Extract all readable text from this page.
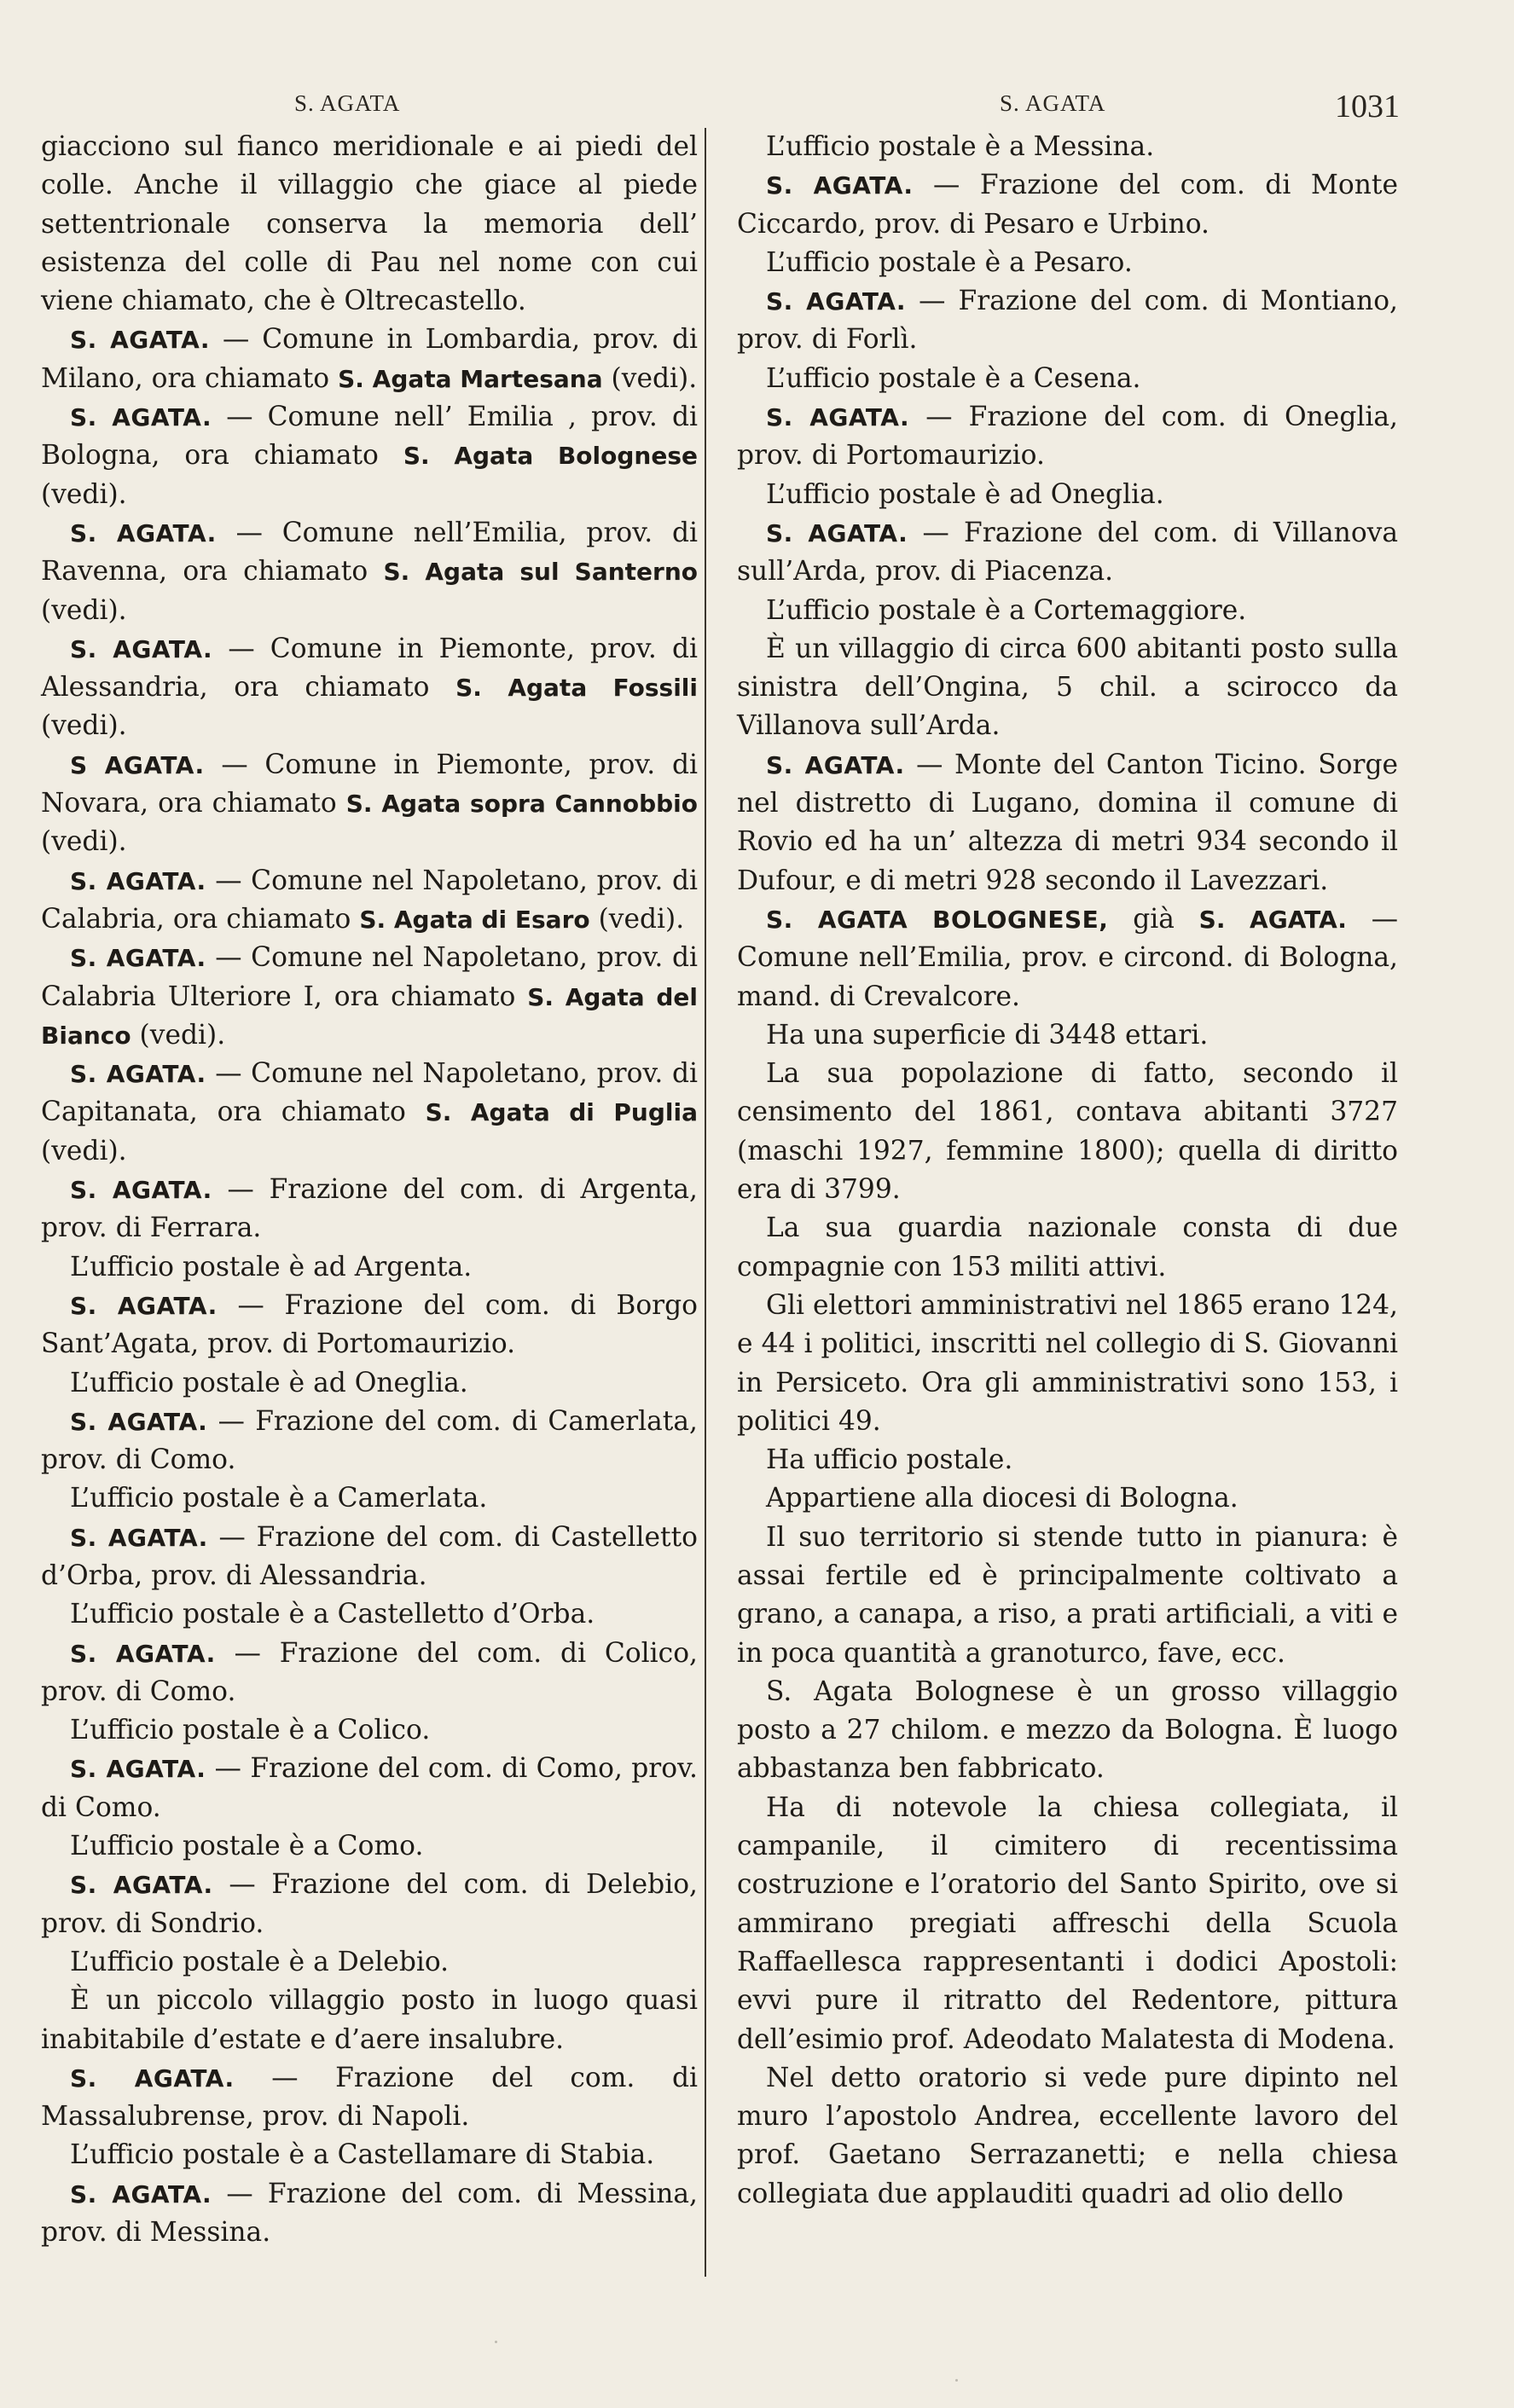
S. AGATA	S. AGATA	1031

giacciono sul fianco meridionale e ai piedi del colle. Anche il villaggio che giace al piede settentrionale conserva la memoria dell’ esistenza del colle di Pau nel nome con cui viene chiamato, che è Oltrecastello.

S. AGATA. — Comune in Lombardia, prov. di Milano, ora chiamato S. Agata Martesana (vedi).

S. AGATA. — Comune nell’ Emilia , prov. di Bologna, ora chiamato S. Agata Bolognese (vedi).

S. AGATA. — Comune nell’Emilia, prov. di Ravenna, ora chiamato S. Agata sul Santerno (vedi).

S. AGATA. — Comune in Piemonte, prov. di Alessandria, ora chiamato S. Agata Fossili (vedi).

S AGATA. — Comune in Piemonte, prov. di Novara, ora chiamato S. Agata sopra Cannobbio (vedi).

S. AGATA. — Comune nel Napoletano, prov. di Calabria, ora chiamato S. Agata di Esaro (vedi).

S. AGATA. — Comune nel Napoletano, prov. di Calabria Ulteriore I, ora chiamato S. Agata del Bianco (vedi).

S. AGATA. — Comune nel Napoletano, prov. di Capitanata, ora chiamato S. Agata di Puglia (vedi).

S. AGATA. — Frazione del com. di Argenta, prov. di Ferrara.

L’ufficio postale è ad Argenta.

S. AGATA. — Frazione del com. di Borgo Sant’Agata, prov. di Portomaurizio.

L’ufficio postale è ad Oneglia.

S. AGATA. — Frazione del com. di Camerlata, prov. di Como.

L’ufficio postale è a Camerlata.

S. AGATA. — Frazione del com. di Castelletto d’Orba, prov. di Alessandria.

L’ufficio postale è a Castelletto d’Orba.

S. AGATA. — Frazione del com. di Colico, prov. di Como.

L’ufficio postale è a Colico.

S. AGATA. — Frazione del com. di Como, prov. di Como.

L’ufficio postale è a Como.

S. AGATA. — Frazione del com. di Delebio, prov. di Sondrio.

L’ufficio postale è a Delebio.

È un piccolo villaggio posto in luogo quasi inabitabile d’estate e d’aere insalubre.

S. AGATA. — Frazione del com. di Massalubrense, prov. di Napoli.

L’ufficio postale è a Castellamare di Stabia.

S. AGATA. — Frazione del com. di Messina, prov. di Messina.

L’ufficio postale è a Messina.

S. AGATA. — Frazione del com. di Monte Ciccardo, prov. di Pesaro e Urbino.

L’ufficio postale è a Pesaro.

S. AGATA. — Frazione del com. di Montiano, prov. di Forlì.

L’ufficio postale è a Cesena.

S. AGATA. — Frazione del com. di Oneglia, prov. di Portomaurizio.

L’ufficio postale è ad Oneglia.

S. AGATA. — Frazione del com. di Villanova sull’Arda, prov. di Piacenza.

L’ufficio postale è a Cortemaggiore.

È un villaggio di circa 600 abitanti posto sulla sinistra dell’Ongina, 5 chil. a scirocco da Villanova sull’Arda.

S. AGATA. — Monte del Canton Ticino. Sorge nel distretto di Lugano, domina il comune di Rovio ed ha un’ altezza di metri 934 secondo il Dufour, e di metri 928 secondo il Lavezzari.

S. AGATA BOLOGNESE, già S. AGATA. — Comune nell’Emilia, prov. e circond. di Bologna, mand. di Crevalcore.

Ha una superficie di 3448 ettari.

La sua popolazione di fatto, secondo il censimento del 1861, contava abitanti 3727 (maschi 1927, femmine 1800); quella di diritto era di 3799.

La sua guardia nazionale consta di due compagnie con 153 militi attivi.

Gli elettori amministrativi nel 1865 erano 124, e 44 i politici, inscritti nel collegio di S. Giovanni in Persiceto. Ora gli amministrativi sono 153, i politici 49.

Ha ufficio postale.

Appartiene alla diocesi di Bologna.

Il suo territorio si stende tutto in pianura: è assai fertile ed è principalmente coltivato a grano, a canapa, a riso, a prati artificiali, a viti e in poca quantità a granoturco, fave, ecc.

S. Agata Bolognese è un grosso villaggio posto a 27 chilom. e mezzo da Bologna. È luogo abbastanza ben fabbricato.

Ha di notevole la chiesa collegiata, il campanile, il cimitero di recentissima costruzione e l’oratorio del Santo Spirito, ove si ammirano pregiati affreschi della Scuola Raffaellesca rappresentanti i dodici Apostoli: evvi pure il ritratto del Redentore, pittura dell’esimio prof. Adeodato Malatesta di Modena.

Nel detto oratorio si vede pure dipinto nel muro l’apostolo Andrea, eccellente lavoro del prof. Gaetano Serrazanetti; e nella chiesa collegiata due applauditi quadri ad olio dello
